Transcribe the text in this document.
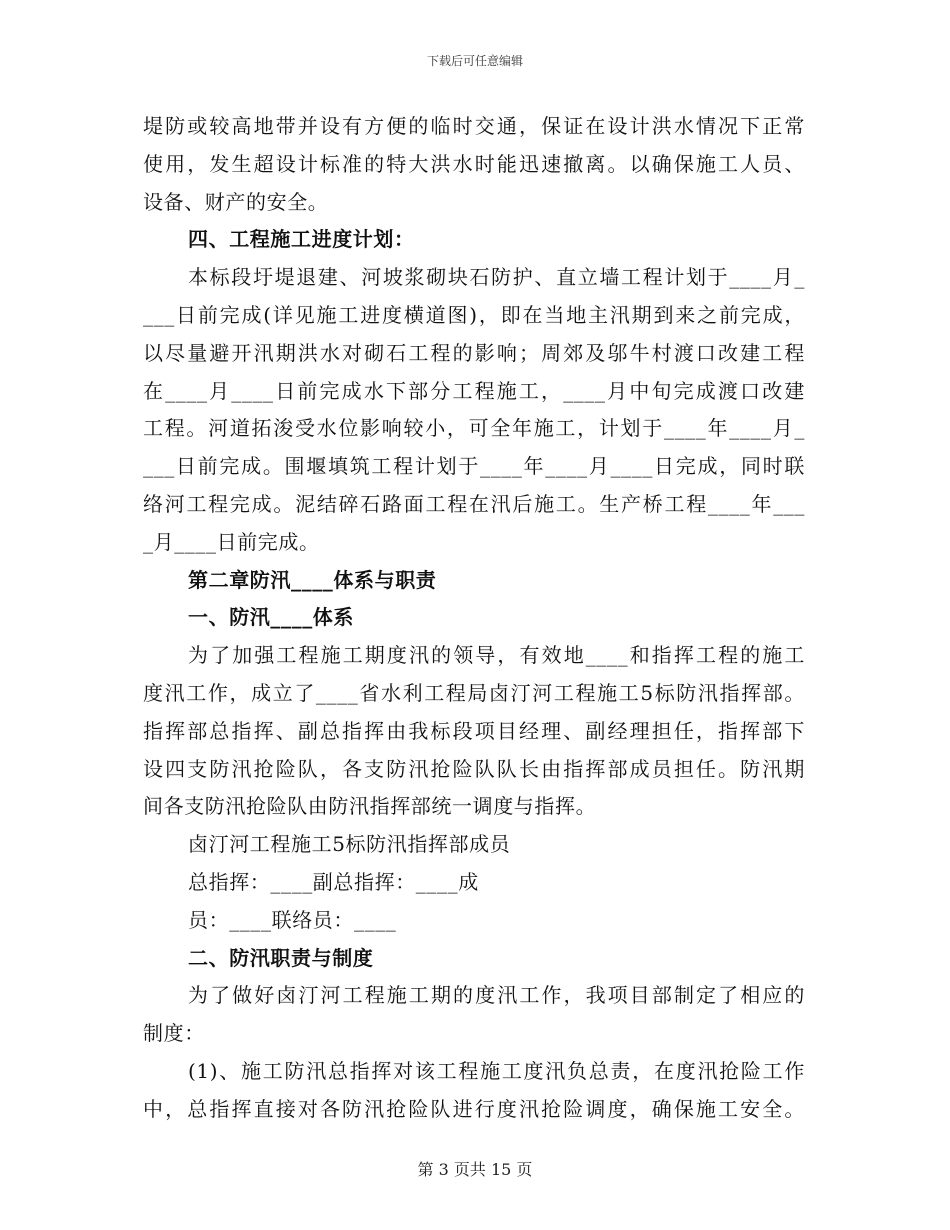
下载后可任意编辑
堤防或较高地带并设有方便的临时交通，保证在设计洪水情况下正常
使用，发生超设计标准的特大洪水时能迅速撤离。以确保施工人员、
设备、财产的安全。
四、工程施工进度计划：
本标段圩堤退建、河坡浆砌块石防护、直立墙工程计划于____月_
___日前完成(详见施工进度横道图)，即在当地主汛期到来之前完成，
以尽量避开汛期洪水对砌石工程的影响；周郊及邬牛村渡口改建工程
在____月____日前完成水下部分工程施工，____月中旬完成渡口改建
工程。河道拓浚受水位影响较小，可全年施工，计划于____年____月_
___日前完成。围堰填筑工程计划于____年____月____日完成，同时联
络河工程完成。泥结碎石路面工程在汛后施工。生产桥工程____年___
_月____日前完成。
第二章防汛____体系与职责
一、防汛____体系
为了加强工程施工期度汛的领导，有效地____和指挥工程的施工
度汛工作，成立了____省水利工程局卤汀河工程施工5标防汛指挥部。
指挥部总指挥、副总指挥由我标段项目经理、副经理担任，指挥部下
设四支防汛抢险队，各支防汛抢险队队长由指挥部成员担任。防汛期
间各支防汛抢险队由防汛指挥部统一调度与指挥。
卤汀河工程施工5标防汛指挥部成员
总指挥：____副总指挥：____成
员：____联络员：____
二、防汛职责与制度
为了做好卤汀河工程施工期的度汛工作，我项目部制定了相应的
制度：
(1)、施工防汛总指挥对该工程施工度汛负总责，在度汛抢险工作
中，总指挥直接对各防汛抢险队进行度汛抢险调度，确保施工安全。
第 3 页共 15 页
